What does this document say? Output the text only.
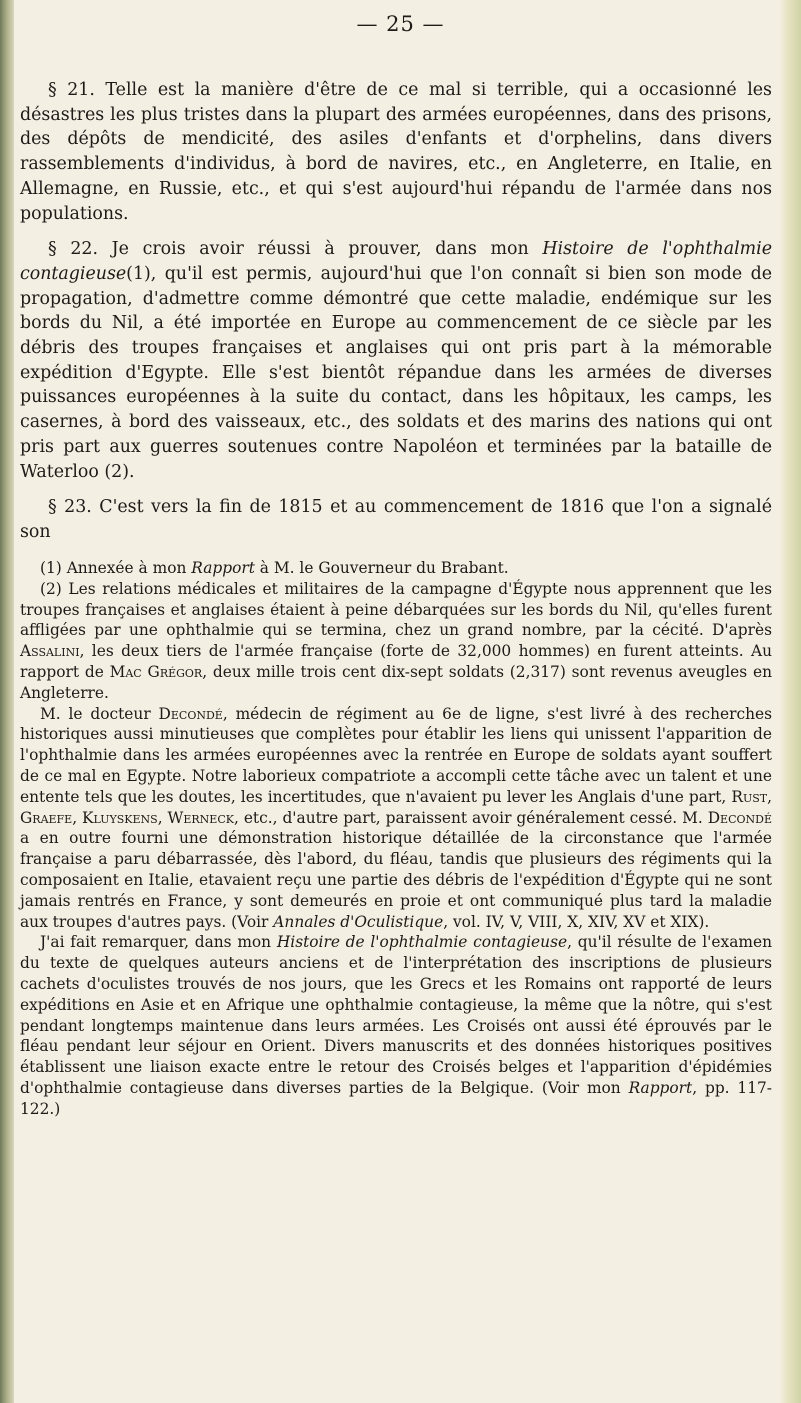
— 25 —

§ 21. Telle est la manière d'être de ce mal si terrible, qui a occasionné les désastres les plus tristes dans la plupart des armées européennes, dans des prisons, des dépôts de mendicité, des asiles d'enfants et d'orphelins, dans divers rassemblements d'individus, à bord de navires, etc., en Angleterre, en Italie, en Allemagne, en Russie, etc., et qui s'est aujourd'hui répandu de l'armée dans nos populations.

§ 22. Je crois avoir réussi à prouver, dans mon Histoire de l'ophthalmie contagieuse(1), qu'il est permis, aujourd'hui que l'on connaît si bien son mode de propagation, d'admettre comme démontré que cette maladie, endémique sur les bords du Nil, a été importée en Europe au commencement de ce siècle par les débris des troupes françaises et anglaises qui ont pris part à la mémorable expédition d'Egypte. Elle s'est bientôt répandue dans les armées de diverses puissances européennes à la suite du contact, dans les hôpitaux, les camps, les casernes, à bord des vaisseaux, etc., des soldats et des marins des nations qui ont pris part aux guerres soutenues contre Napoléon et terminées par la bataille de Waterloo (2).

§ 23. C'est vers la fin de 1815 et au commencement de 1816 que l'on a signalé son

(1) Annexée à mon Rapport à M. le Gouverneur du Brabant.

(2) Les relations médicales et militaires de la campagne d'Égypte nous apprennent que les troupes françaises et anglaises étaient à peine débarquées sur les bords du Nil, qu'elles furent affligées par une ophthalmie qui se termina, chez un grand nombre, par la cécité. D'après Assalini, les deux tiers de l'armée française (forte de 32,000 hommes) en furent atteints. Au rapport de Mac Grégor, deux mille trois cent dix-sept soldats (2,317) sont revenus aveugles en Angleterre.

M. le docteur Decondé, médecin de régiment au 6e de ligne, s'est livré à des recherches historiques aussi minutieuses que complètes pour établir les liens qui unissent l'apparition de l'ophthalmie dans les armées européennes avec la rentrée en Europe de soldats ayant souffert de ce mal en Egypte. Notre laborieux compatriote a accompli cette tâche avec un talent et une entente tels que les doutes, les incertitudes, que n'avaient pu lever les Anglais d'une part, Rust, Graefe, Kluyskens, Werneck, etc., d'autre part, paraissent avoir généralement cessé. M. Decondé a en outre fourni une démonstration historique détaillée de la circonstance que l'armée française a paru débarrassée, dès l'abord, du fléau, tandis que plusieurs des régiments qui la composaient en Italie, etavaient reçu une partie des débris de l'expédition d'Égypte qui ne sont jamais rentrés en France, y sont demeurés en proie et ont communiqué plus tard la maladie aux troupes d'autres pays. (Voir Annales d'Oculistique, vol. IV, V, VIII, X, XIV, XV et XIX).

J'ai fait remarquer, dans mon Histoire de l'ophthalmie contagieuse, qu'il résulte de l'examen du texte de quelques auteurs anciens et de l'interprétation des inscriptions de plusieurs cachets d'oculistes trouvés de nos jours, que les Grecs et les Romains ont rapporté de leurs expéditions en Asie et en Afrique une ophthalmie contagieuse, la même que la nôtre, qui s'est pendant longtemps maintenue dans leurs armées. Les Croisés ont aussi été éprouvés par le fléau pendant leur séjour en Orient. Divers manuscrits et des données historiques positives établissent une liaison exacte entre le retour des Croisés belges et l'apparition d'épidémies d'ophthalmie contagieuse dans diverses parties de la Belgique. (Voir mon Rapport, pp. 117-122.)
